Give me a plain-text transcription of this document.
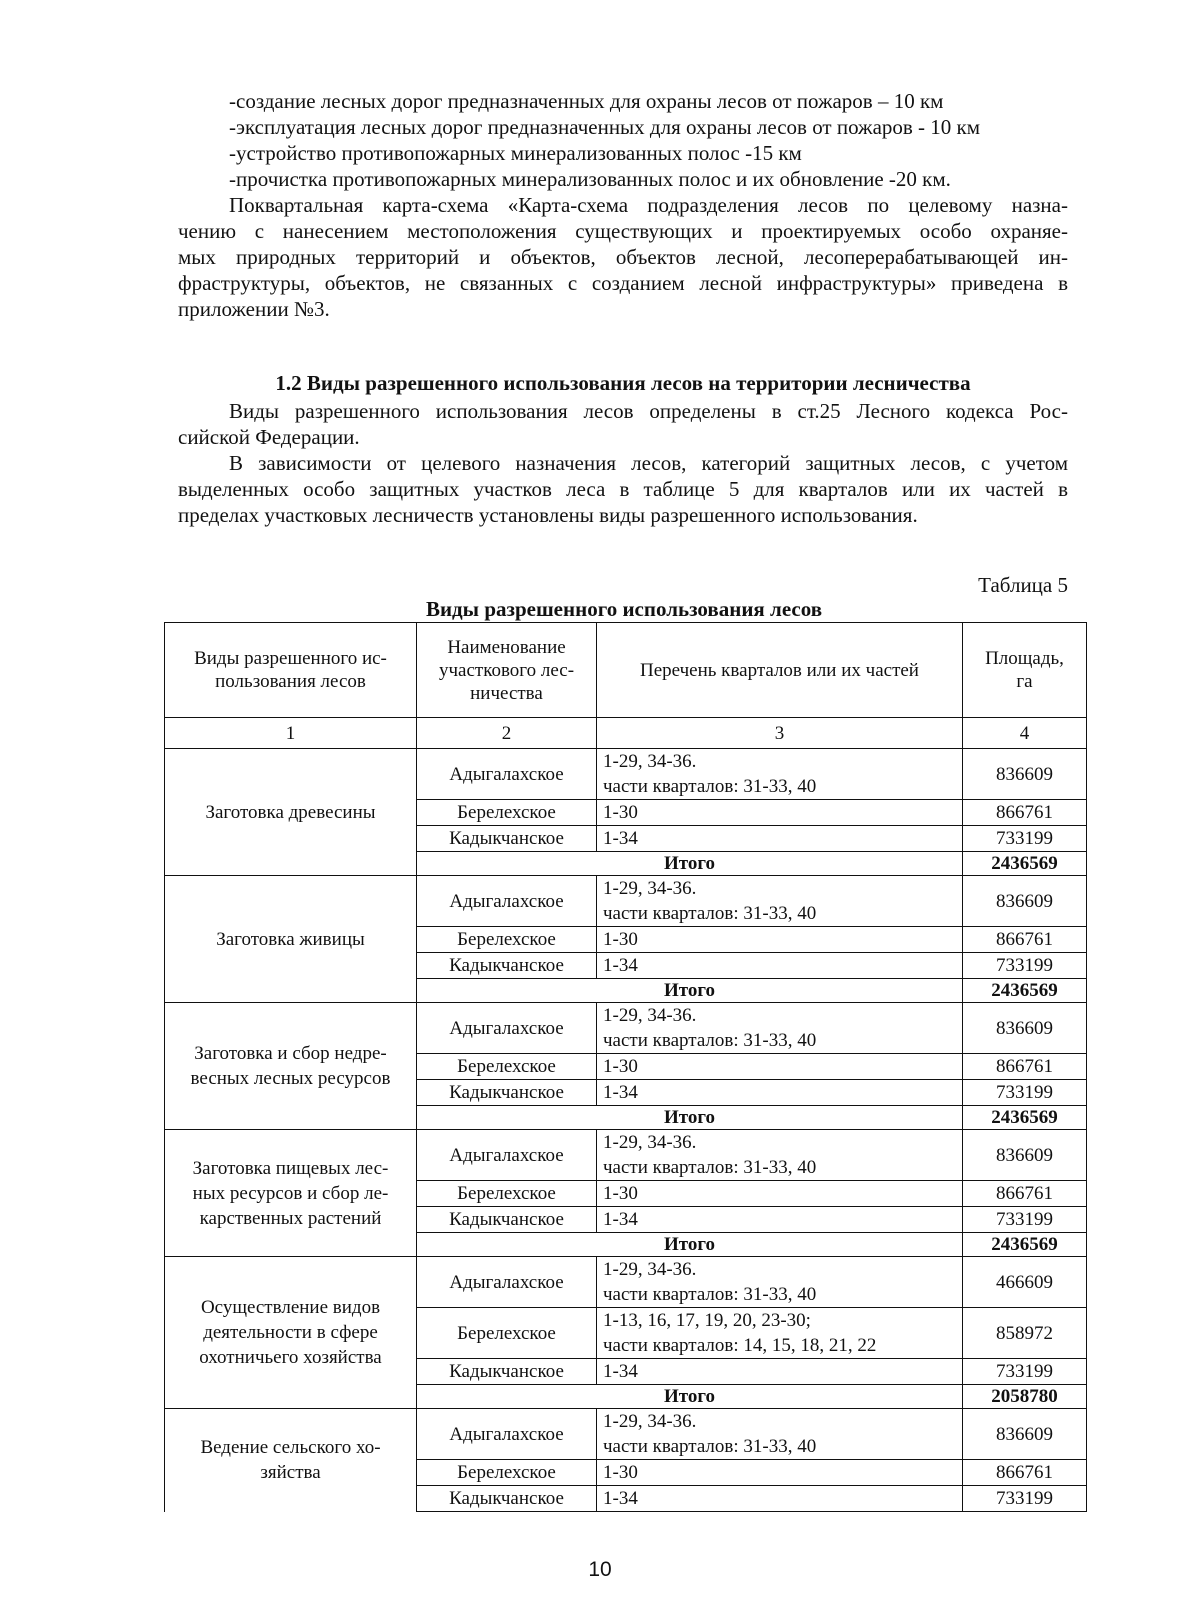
-создание лесных дорог предназначенных для охраны лесов от пожаров – 10 км
-эксплуатация лесных дорог предназначенных для охраны лесов от пожаров - 10 км
-устройство противопожарных минерализованных полос -15 км
-прочистка противопожарных минерализованных полос и их обновление -20 км.
Поквартальная карта-схема «Карта-схема подразделения лесов по целевому назна-
чению с нанесением местоположения существующих и проектируемых особо охраняе-
мых природных территорий и объектов, объектов лесной, лесоперерабатывающей ин-
фраструктуры, объектов, не связанных с созданием лесной инфраструктуры» приведена в
приложении №3.
1.2 Виды разрешенного использования лесов на территории лесничества
Виды разрешенного использования лесов определены в ст.25 Лесного кодекса Рос-
сийской Федерации.
В зависимости от целевого назначения лесов, категорий защитных лесов, с учетом
выделенных особо защитных участков леса в таблице 5 для кварталов или их частей в
пределах участковых лесничеств установлены виды разрешенного использования.
Таблица 5
Виды разрешенного использования лесов
Виды разрешенного ис-
пользования лесов	Наименование
участкового лес-
ничества	Перечень кварталов или их частей	Площадь,
га
1	2	3	4
Заготовка древесины	Адыгалахское	1-29, 34-36.
части кварталов: 31-33, 40	836609
	Берелехское	1-30	866761
	Кадыкчанское	1-34	733199
	Итого		2436569
Заготовка живицы	Адыгалахское	1-29, 34-36.
части кварталов: 31-33, 40	836609
	Берелехское	1-30	866761
	Кадыкчанское	1-34	733199
	Итого		2436569
Заготовка и сбор недре-
весных лесных ресурсов	Адыгалахское	1-29, 34-36.
части кварталов: 31-33, 40	836609
	Берелехское	1-30	866761
	Кадыкчанское	1-34	733199
	Итого		2436569
Заготовка пищевых лес-
ных ресурсов и сбор ле-
карственных растений	Адыгалахское	1-29, 34-36.
части кварталов: 31-33, 40	836609
	Берелехское	1-30	866761
	Кадыкчанское	1-34	733199
	Итого		2436569
Осуществление видов
деятельности в сфере
охотничьего хозяйства	Адыгалахское	1-29, 34-36.
части кварталов: 31-33, 40	466609
	Берелехское	1-13, 16, 17, 19, 20, 23-30;
части кварталов: 14, 15, 18, 21, 22	858972
	Кадыкчанское	1-34	733199
	Итого		2058780
Ведение сельского хо-
зяйства	Адыгалахское	1-29, 34-36.
части кварталов: 31-33, 40	836609
	Берелехское	1-30	866761
	Кадыкчанское	1-34	733199
10
